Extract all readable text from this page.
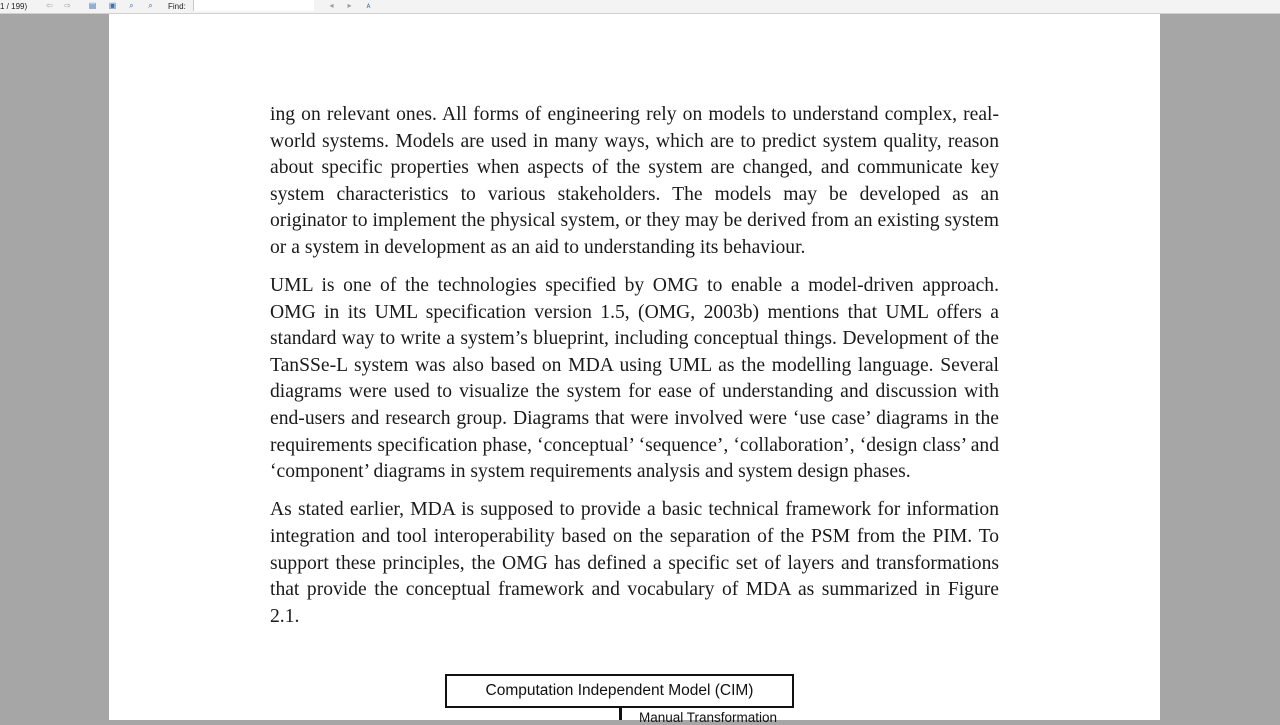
1 / 199) ⇦ ⇨ ▤ ▣ ⌕ ⌕ Find:	◂	▸	ᴀ

ing on relevant ones. All forms of engineering rely on models to understand complex, real-world systems. Models are used in many ways, which are to predict system quality, reason about specific properties when aspects of the system are changed, and communicate key system characteristics to various stakeholders. The models may be developed as an originator to implement the physical system, or they may be derived from an existing system or a system in development as an aid to understanding its behaviour.

UML is one of the technologies specified by OMG to enable a model-driven approach. OMG in its UML specification version 1.5, (OMG, 2003b) mentions that UML offers a standard way to write a system’s blueprint, including conceptual things. Development of the TanSSe-L system was also based on MDA using UML as the modelling language. Several diagrams were used to visualize the system for ease of understanding and discussion with end-users and research group. Diagrams that were involved were ‘use case’ diagrams in the requirements specification phase, ‘conceptual’ ‘sequence’, ‘collaboration’, ‘design class’ and ‘component’ diagrams in system requirements analysis and system design phases.

As stated earlier, MDA is supposed to provide a basic technical framework for information integration and tool interoperability based on the separation of the PSM from the PIM. To support these principles, the OMG has defined a specific set of layers and transformations that provide the conceptual framework and vocabulary of MDA as summarized in Figure 2.1.

Computation Independent Model (CIM)
Manual Transformation
